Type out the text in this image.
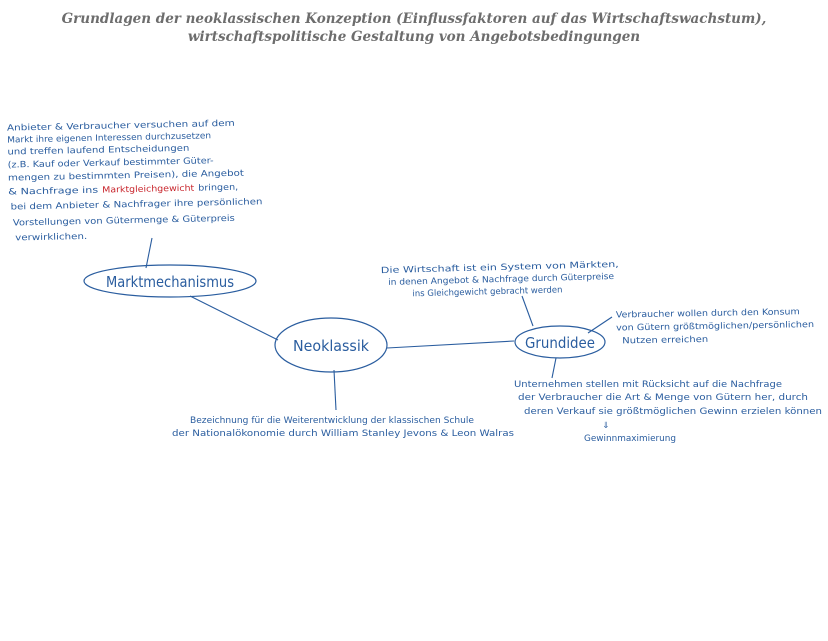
Grundlagen der neoklassischen Konzeption (Einflussfaktoren auf das Wirtschaftswachstum),
wirtschaftspolitische Gestaltung von Angebotsbedingungen
Marktmechanismus
Neoklassik	Grundidee
Anbieter & Verbraucher versuchen auf dem
Markt ihre eigenen Interessen durchzusetzen
und treffen laufend Entscheidungen
(z.B. Kauf oder Verkauf bestimmter Güter-
mengen zu bestimmten Preisen), die Angebot
& Nachfrage ins	Marktgleichgewicht	bringen,
bei dem Anbieter & Nachfrager ihre persönlichen
Vorstellungen von Gütermenge & Güterpreis
verwirklichen.
Die Wirtschaft ist ein System von Märkten,
in denen Angebot & Nachfrage durch Güterpreise
ins Gleichgewicht gebracht werden
Verbraucher wollen durch den Konsum
von Gütern größtmöglichen/persönlichen
Nutzen erreichen
Unternehmen stellen mit Rücksicht auf die Nachfrage
der Verbraucher die Art & Menge von Gütern her, durch
deren Verkauf sie größtmöglichen Gewinn erzielen können
⇓
Gewinnmaximierung
Bezeichnung für die Weiterentwicklung der klassischen Schule
der Nationalökonomie durch William Stanley Jevons & Leon Walras
